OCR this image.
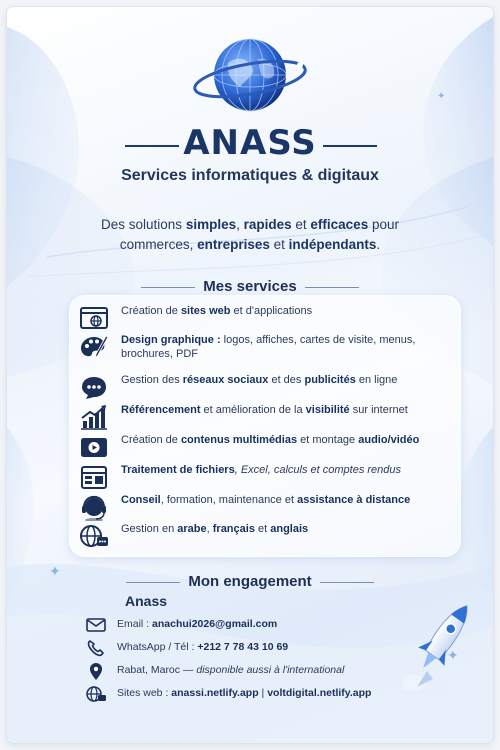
ANASS
Services informatiques & digitaux
Des solutions simples, rapides et efficaces pour commerces, entreprises et indépendants.
Mes services
Création de sites web et d'applications
Design graphique : logos, affiches, cartes de visite, menus, brochures, PDF
Gestion des réseaux sociaux et des publicités en ligne
Référencement et amélioration de la visibilité sur internet
Création de contenus multimédias et montage audio/vidéo
Traitement de fichiers, Excel, calculs et comptes rendus
Conseil, formation, maintenance et assistance à distance
Gestion en arabe, français et anglais
Mon engagement
Anass
Email : anachui2026@gmail.com
WhatsApp / Tél : +212 7 78 43 10 69
Rabat, Maroc — disponible aussi à l'international
Sites web : anassi.netlify.app | voltdigital.netlify.app
✦
✦
✦
